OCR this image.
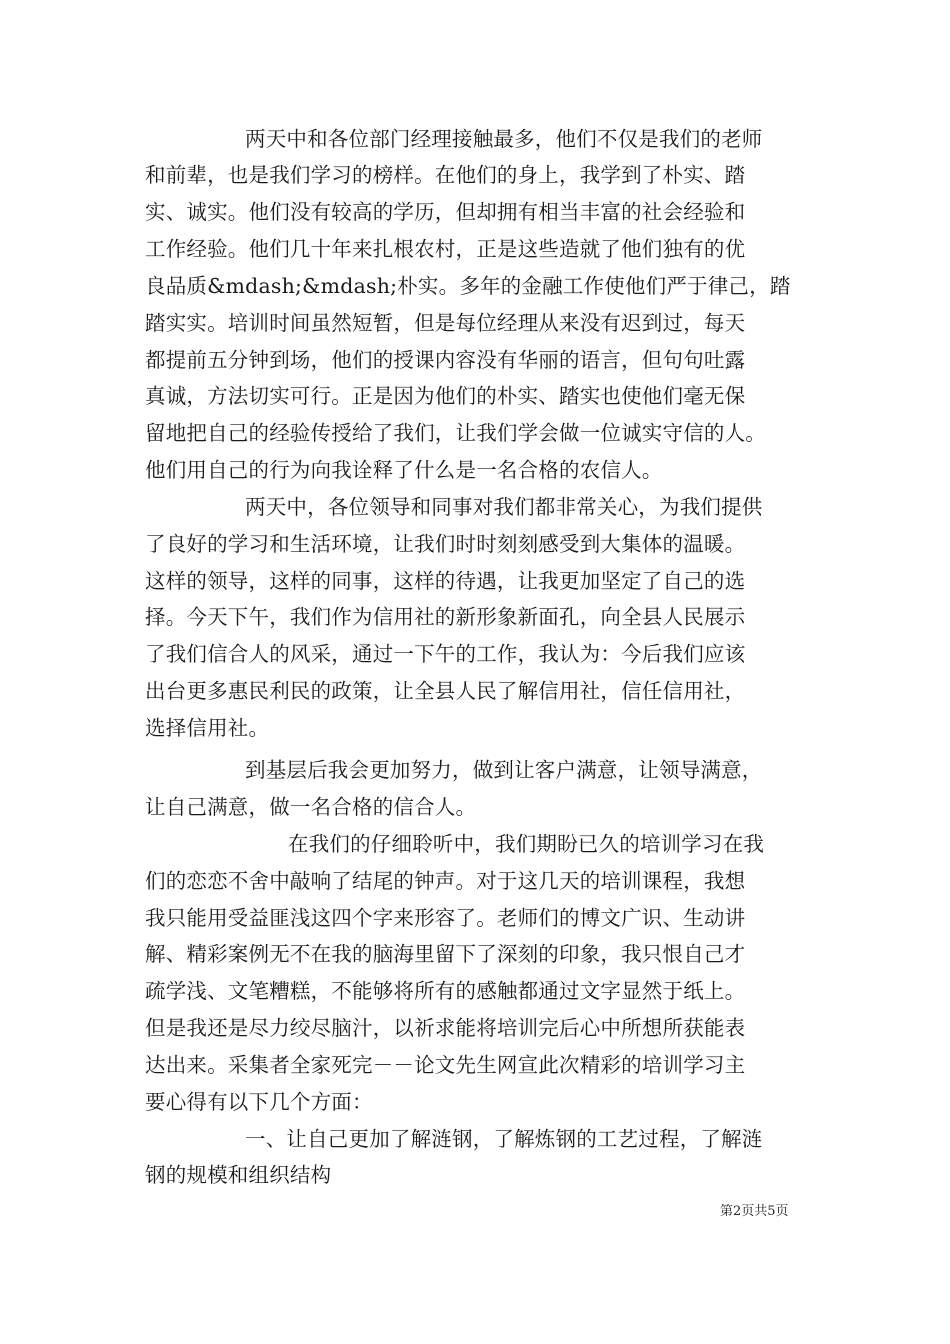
两天中和各位部门经理接触最多，他们不仅是我们的老师
和前辈，也是我们学习的榜样。在他们的身上，我学到了朴实、踏
实、诚实。他们没有较高的学历，但却拥有相当丰富的社会经验和
工作经验。他们几十年来扎根农村，正是这些造就了他们独有的优
良品质&mdash;&mdash;朴实。多年的金融工作使他们严于律己，踏
踏实实。培训时间虽然短暂，但是每位经理从来没有迟到过，每天
都提前五分钟到场，他们的授课内容没有华丽的语言，但句句吐露
真诚，方法切实可行。正是因为他们的朴实、踏实也使他们毫无保
留地把自己的经验传授给了我们，让我们学会做一位诚实守信的人。
他们用自己的行为向我诠释了什么是一名合格的农信人。
两天中，各位领导和同事对我们都非常关心，为我们提供
了良好的学习和生活环境，让我们时时刻刻感受到大集体的温暖。
这样的领导，这样的同事，这样的待遇，让我更加坚定了自己的选
择。今天下午，我们作为信用社的新形象新面孔，向全县人民展示
了我们信合人的风采，通过一下午的工作，我认为：今后我们应该
出台更多惠民利民的政策，让全县人民了解信用社，信任信用社，
选择信用社。
到基层后我会更加努力，做到让客户满意，让领导满意，
让自己满意，做一名合格的信合人。
在我们的仔细聆听中，我们期盼已久的培训学习在我
们的恋恋不舍中敲响了结尾的钟声。对于这几天的培训课程，我想
我只能用受益匪浅这四个字来形容了。老师们的博文广识、生动讲
解、精彩案例无不在我的脑海里留下了深刻的印象，我只恨自己才
疏学浅、文笔糟糕，不能够将所有的感触都通过文字显然于纸上。
但是我还是尽力绞尽脑汁，以祈求能将培训完后心中所想所获能表
达出来。采集者全家死完－－论文先生网宣此次精彩的培训学习主
要心得有以下几个方面：
一、让自己更加了解涟钢，了解炼钢的工艺过程，了解涟
钢的规模和组织结构
第2页共5页
